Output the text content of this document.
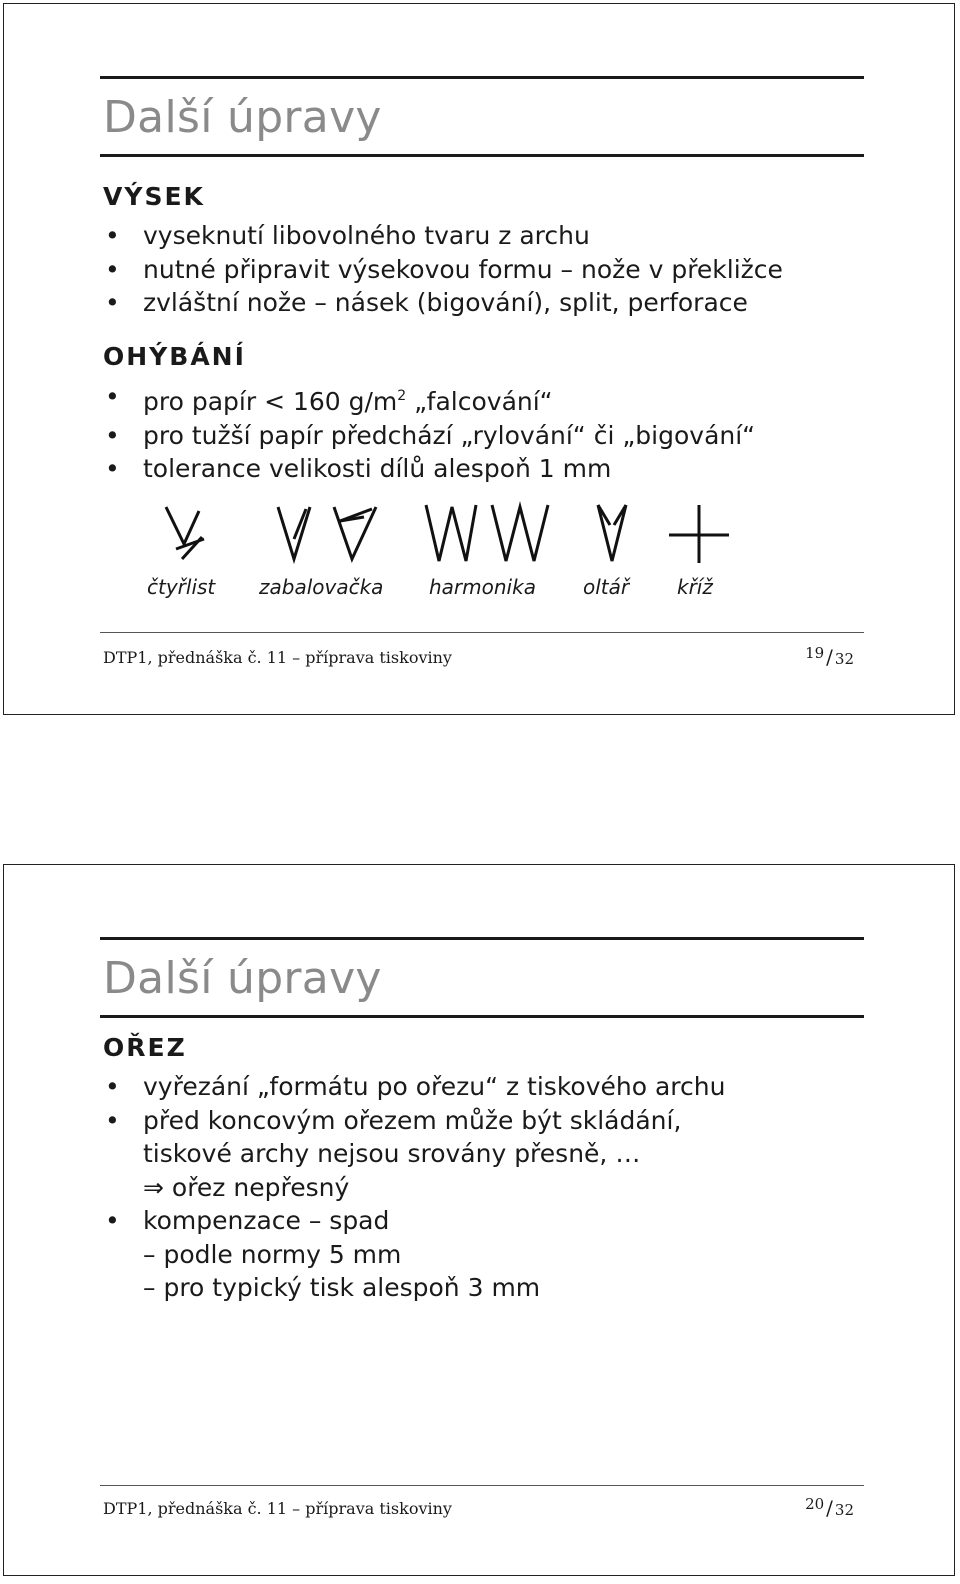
Další úpravy
VÝSEK
• vyseknutí libovolného tvaru z archu
• nutné připravit výsekovou formu – nože v překližce
• zvláštní nože – násek (bigování), split, perforace
OHÝBÁNÍ
• pro papír < 160 $g/m^2$ „falcování“
• pro tužší papír předchází „rylování“ či „bigování“
• tolerance velikosti dílů alespoň 1 mm
čtyřlist zabalovačka harmonika oltář kříž
DTP1, přednáška č. 11 – příprava tiskoviny	19 / 32
Další úpravy
OŘEZ
• vyřezání „formátu po ořezu“ z tiskového archu
• před koncovým ořezem může být skládání,
tiskové archy nejsou srovány přesně, …
⇒ ořez nepřesný
• kompenzace – spad
– podle normy 5 mm
– pro typický tisk alespoň 3 mm
DTP1, přednáška č. 11 – příprava tiskoviny	20 / 32
